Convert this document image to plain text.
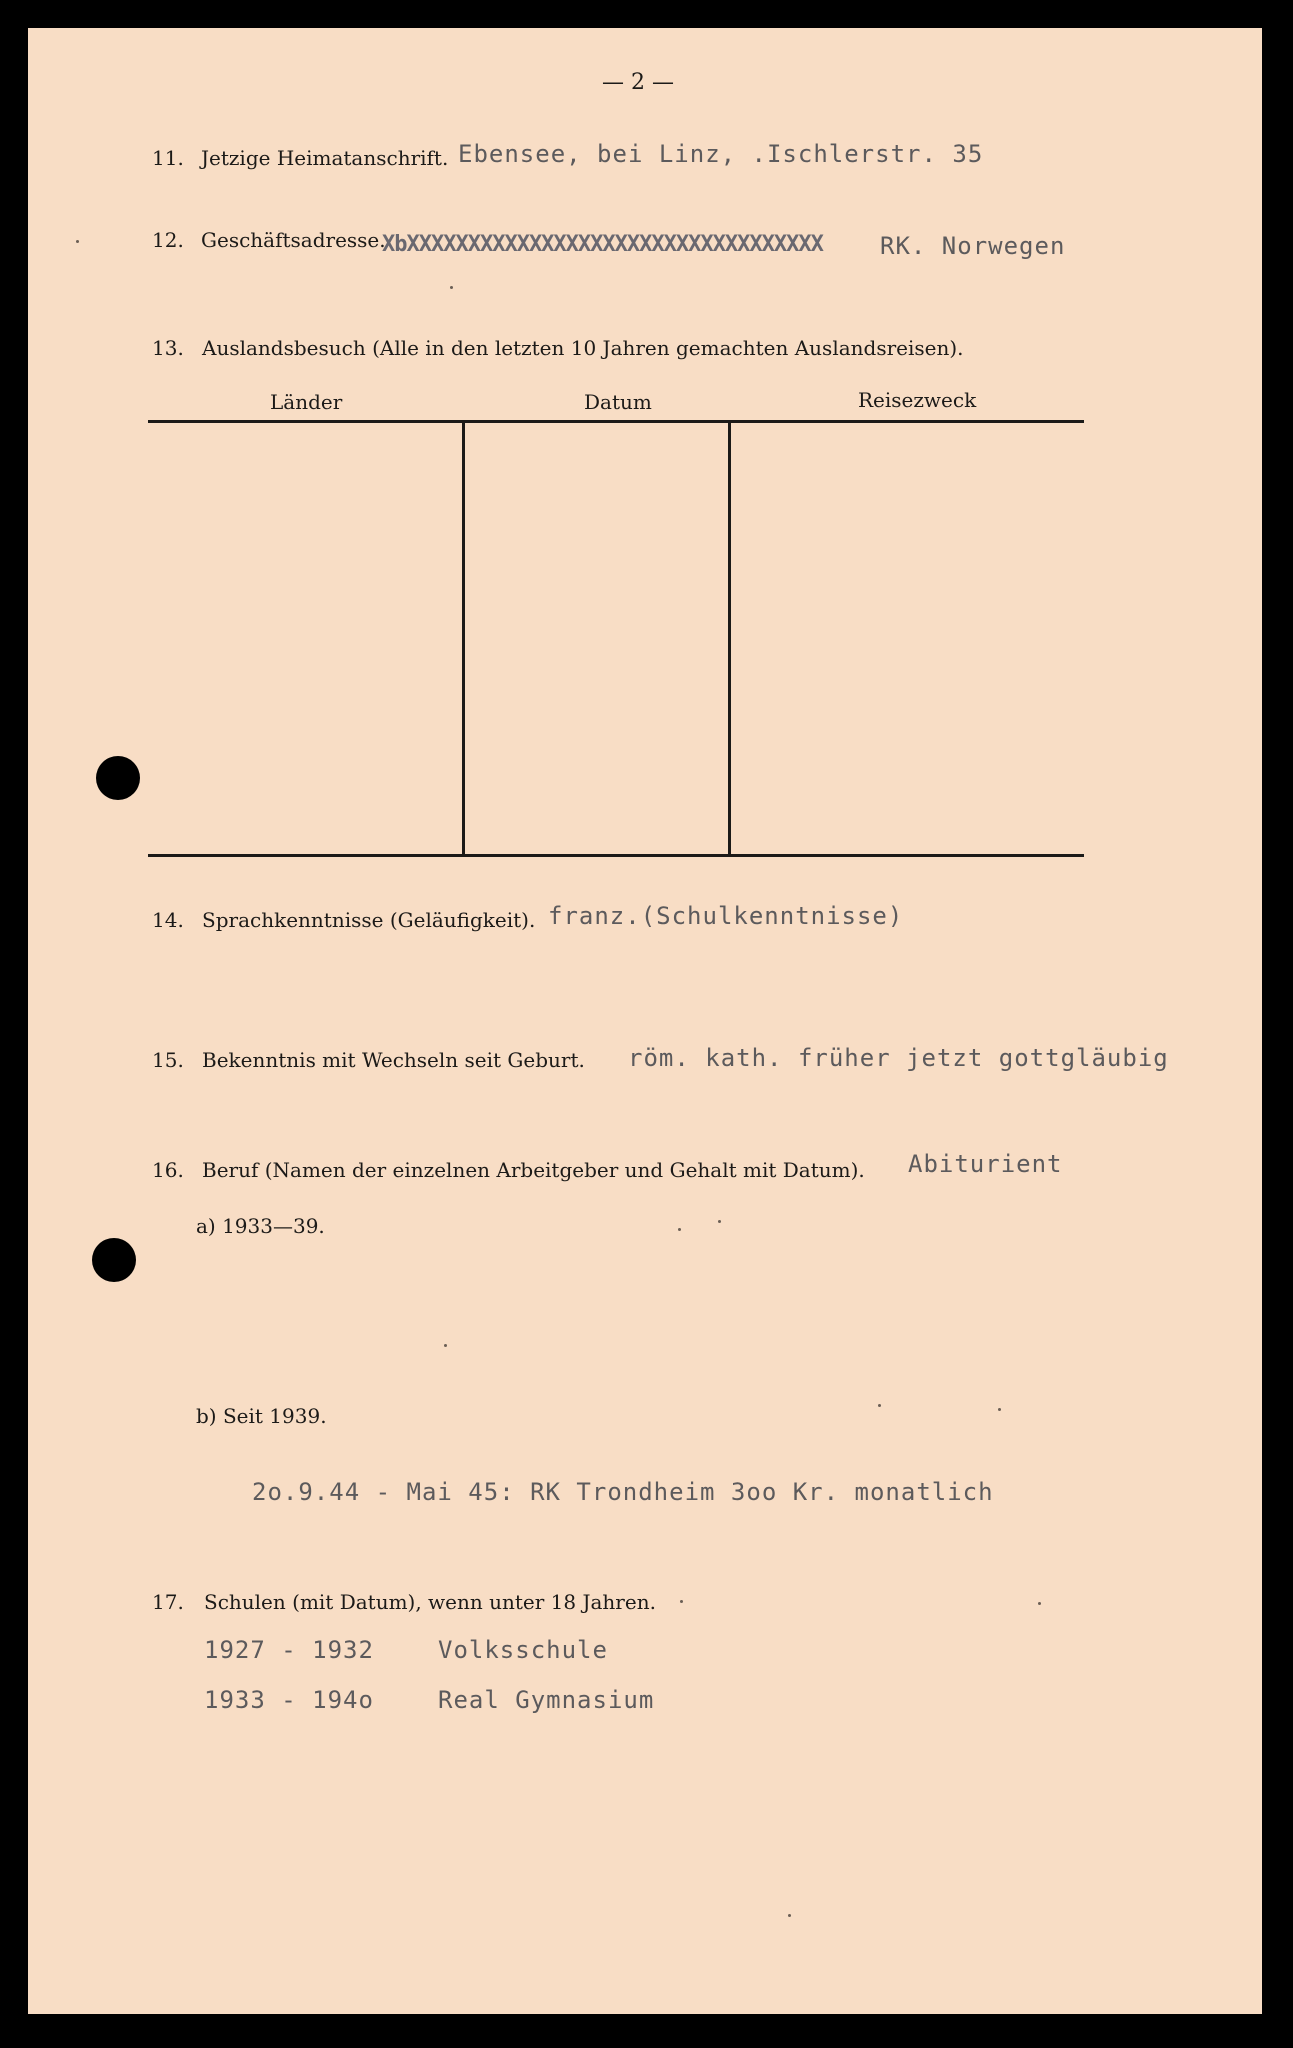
— 2 —
11. Jetzige Heimatanschrift. Ebensee, bei Linz, .Ischlerstr. 35
12. Geschäftsadresse.
XbXXXXXXXXXXXXXXXXXXXXXXXXXXXXXXXXXX	RK. Norwegen
13. Auslandsbesuch (Alle in den letzten 10 Jahren gemachten Auslandsreisen).
Länder	Datum	Reisezweck
14. Sprachkenntnisse (Geläufigkeit). franz.(Schulkenntnisse)
15. Bekenntnis mit Wechseln seit Geburt. röm. kath. früher jetzt gottgläubig
16. Beruf (Namen der einzelnen Arbeitgeber und Gehalt mit Datum). Abiturient
a) 1933—39.
b) Seit 1939.
2o.9.44 - Mai 45: RK Trondheim 3oo Kr. monatlich
17. Schulen (mit Datum), wenn unter 18 Jahren.
1927 - 1932	Volksschule
1933 - 194o	Real Gymnasium
